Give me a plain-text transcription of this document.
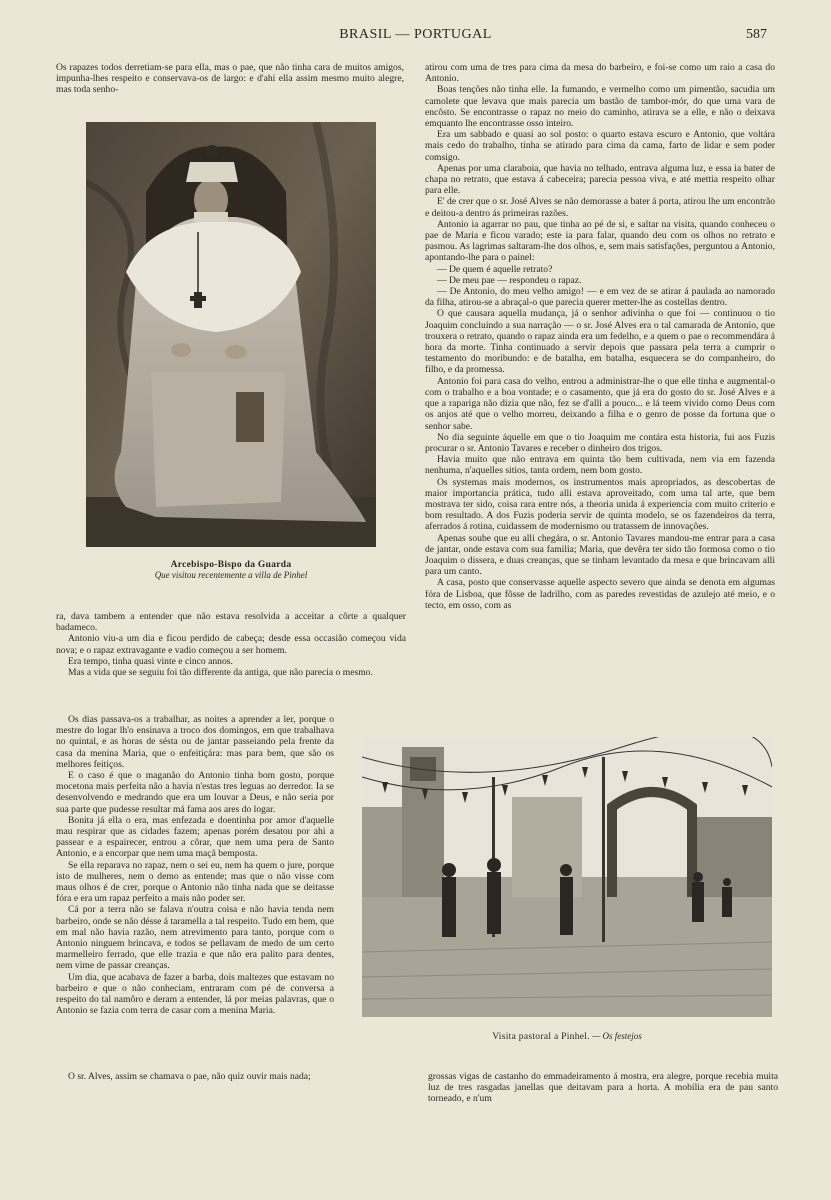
BRASIL — PORTUGAL	587

Os rapazes todos derretiam-se para ella, mas o pae, que não tinha cara de muitos amigos, impunha-lhes respeito e conservava-os de largo: e d'ahi ella assim mesmo muito alegre, mas toda senho-

Arcebispo-Bispo da Guarda
Que visitou recentemente a villa de Pinhel

ra, dava tambem a entender que não estava resolvida a acceitar a côrte a qualquer badameco.

Antonio viu-a um dia e ficou perdido de cabeça; desde essa occasião começou vida nova; e o rapaz extravagante e vadio começou a ser homem.

Era tempo, tinha quasi vinte e cinco annos.

Mas a vida que se seguiu foi tão differente da antiga, que não parecia o mesmo.

Os dias passava-os a trabalhar, as noites a aprender a ler, porque o mestre do logar lh'o ensinava a troco dos domingos, em que trabalhava no quintal, e as horas de sésta ou de jantar passeiando pela frente da casa da menina Maria, que o enfeitiçára: mas para bem, que são os melhores feitiços.

E o caso é que o maganão do Antonio tinha bom gosto, porque mocetona mais perfeita não a havia n'estas tres leguas ao derredor. Ia se desenvolvendo e medrando que era um louvar a Deus, e não seria por sua parte que pudesse resultar má fama aos ares do logar.

Bonita já ella o era, mas enfezada e doentinha por amor d'aquelle mau respirar que as cidades fazem; apenas porém desatou por ahi a passear e a espairecer, entrou a côrar, que nem uma pera de Santo Antonio, e a encorpar que nem uma maçã bemposta.

Se ella reparava no rapaz, nem o sei eu, nem ha quem o jure, porque isto de mulheres, nem o demo as entende; mas que o não visse com maus olhos é de crer, porque o Antonio não tinha nada que se deitasse fóra e era um rapaz perfeito a mais não poder ser.

Cá por a terra não se falava n'outra coisa e não havia tenda nem barbeiro, onde se não désse á taramella a tal respeito. Tudo em bem, que em mal não havia razão, nem atrevimento para tanto, porque com o Antonio ninguem brincava, e todos se pellavam de medo de um certo marmelleiro ferrado, que elle trazia e que não era palito para dentes, nem vime de passar creanças.

Um dia, que acabava de fazer a barba, dois maltezes que estavam no barbeiro e que o não conheciam, entraram com pé de conversa a respeito do tal namôro e deram a entender, lá por meias palavras, que o Antonio se fazia com terra de casar com a menina Maria.

O sr. Alves, assim se chamava o pae, não quiz ouvir mais nada;

atirou com uma de tres para cima da mesa do barbeiro, e foi-se como um raio a casa do Antonio.

Boas tenções não tinha elle. Ia fumando, e vermelho como um pimentão, sacudia um camolete que levava que mais parecia um bastão de tambor-mór, do que uma vara de encôsto. Se encontrasse o rapaz no meio do caminho, atirava se a elle, e não o deixava emquanto lhe encontrasse osso inteiro.

Era um sabbado e quasi ao sol posto: o quarto estava escuro e Antonio, que voltára mais cedo do trabalho, tinha se atirado para cima da cama, farto de lidar e sem poder comsigo.

Apenas por uma claraboia, que havia no telhado, entrava alguma luz, e essa ia bater de chapa no retrato, que estava á cabeceira; parecia pessoa viva, e até mettia respeito olhar para elle.

E' de crer que o sr. José Alves se não demorasse a bater á porta, atirou lhe um encontrão e deitou-a dentro ás primeiras razões.

Antonio ia agarrar no pau, que tinha ao pé de si, e saltar na visita, quando conheceu o pae de Maria e ficou varado; este ia para falar, quando deu com os olhos no retrato e pasmou. As lagrimas saltaram-lhe dos olhos, e, sem mais satisfações, perguntou a Antonio, apontando-lhe para o painel:

— De quem é aquelle retrato?

— De meu pae — respondeu o rapaz.

— De Antonio, do meu velho amigo! — e em vez de se atirar á paulada ao namorado da filha, atirou-se a abraçal-o que parecia querer metter-lhe as costellas dentro.

O que causara aquella mudança, já o senhor adivinha o que foi — continuou o tio Joaquim concluindo a sua narração — o sr. José Alves era o tal camarada de Antonio, que trouxera o retrato, quando o rapaz ainda era um fedelho, e a quem o pae o recommendára á hora da morte. Tinha continuado a servir depois que passara pela terra a cumprir o testamento do moribundo: e de batalha, em batalha, esquecera se do companheiro, do filho, e da promessa.

Antonio foi para casa do velho, entrou a administrar-lhe o que elle tinha e augmental-o com o trabalho e a boa vontade; e o casamento, que já era do gosto do sr. José Alves e a que a rapariga não dizia que não, fez se d'alli a pouco... e lá teem vivido como Deus com os anjos até que o velho morreu, deixando a filha e o genro de posse da fortuna que o senhor sabe.

No dia seguinte áquelle em que o tio Joaquim me contára esta historia, fui aos Fuzis procurar o sr. Antonio Tavares e receber o dinheiro dos trigos.

Havia muito que não entrava em quinta tão bem cultivada, nem via em fazenda nenhuma, n'aquelles sitios, tanta ordem, nem bom gosto.

Os systemas mais modernos, os instrumentos mais apropriados, as descobertas de maior importancia prática, tudo alli estava aproveitado, com uma tal arte, que bem mostrava ter sido, coisa rara entre nós, a theoria unida á experiencia com muito criterio e bom resultado. A dos Fuzis poderia servir de quinta modelo, se os fazendeiros da terra, aferrados á rotina, cuidassem de modernismo ou tratassem de innovações.

Apenas soube que eu alli chegára, o sr. Antonio Tavares mandou-me entrar para a casa de jantar, onde estava com sua familia; Maria, que devêra ter sido tão formosa como o tio Joaquim o dissera, e duas creanças, que se tinham levantado da mesa e que brincavam alli para um canto.

A casa, posto que conservasse aquelle aspecto severo que ainda se denota em algumas fóra de Lisboa, que fôsse de ladrilho, com as paredes revestidas de azulejo até meio, e o tecto, em osso, com as

Visita pastoral a Pinhel. — Os festejos

grossas vigas de castanho do emmadeiramento á mostra, era alegre, porque recebia muita luz de tres rasgadas janellas que deitavam para a horta. A mobilia era de pau santo torneado, e n'um
